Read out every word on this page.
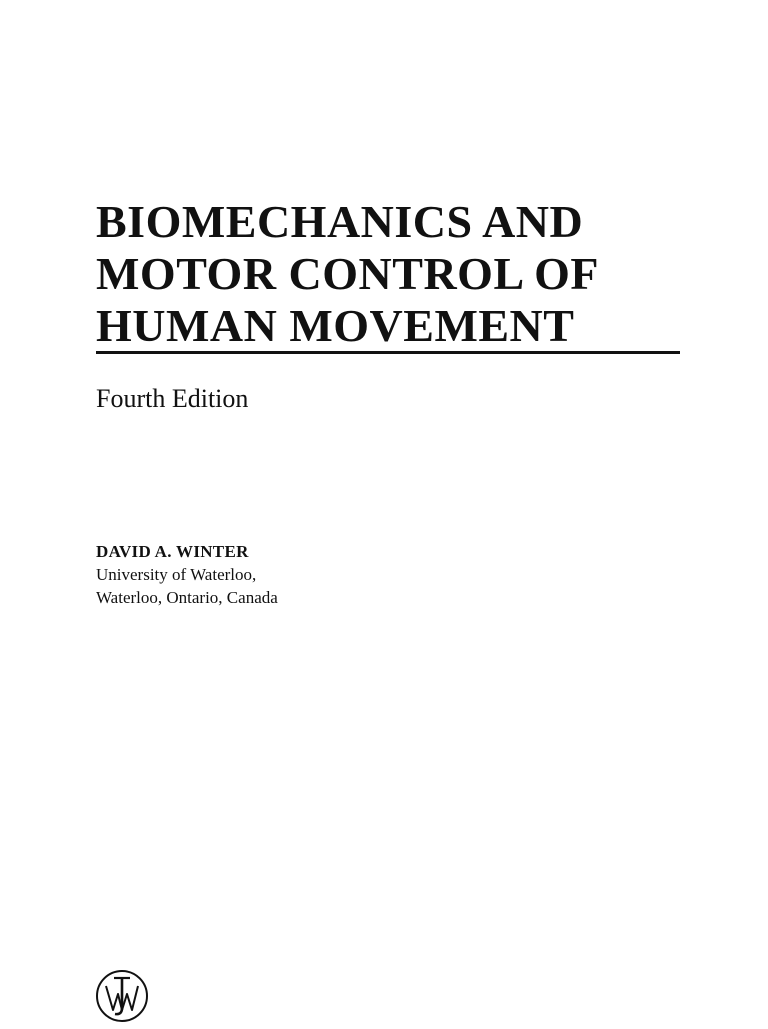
BIOMECHANICS AND
MOTOR CONTROL OF
HUMAN MOVEMENT
Fourth Edition
DAVID A. WINTER
University of Waterloo,
Waterloo, Ontario, Canada
